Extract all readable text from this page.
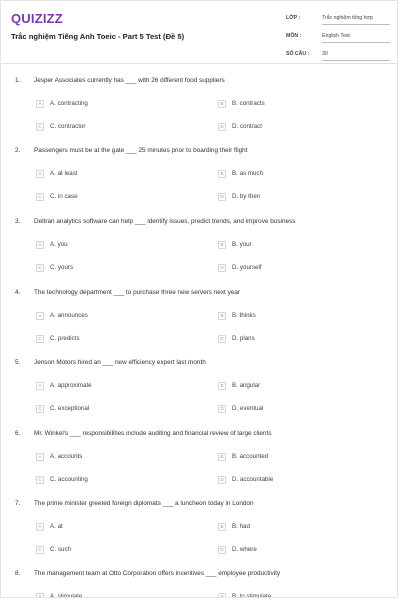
QUIZIZZ
Trắc nghiệm Tiếng Anh Toeic - Part 5 Test (Đề 5)
LỚP :	Trắc nghiệm tổng hợp
MÔN :	English Test
SỐ CÂU :	30
1. Jesper Associates currently has ___ with 26 different food suppliers
A	A. contracting	B	B. contracts
C	C. contractor	D	D. contract
2. Passengers must be at the gate ___ 25 minutes prior to boarding their flight
A	A. at least	B	B. as much
C	C. in case	D	D. by then
3. Deltran analytics software can help ___ identify issues, predict trends, and improve business
A	A. you	B	B. your
C	C. yours	D	D. yourself
4. The technology department ___ to purchase three new servers next year
A	A. announces	B	B. thinks
C	C. predicts	D	D. plans
5. Jenson Motors hired an ___ new efficiency expert last month
A	A. approximate	B	B. angular
C	C. exceptional	D	D. eventual
6. Mr. Winkel's ___ responsibilities include auditing and financial review of large clients
A	A. accounts	B	B. accounted
C	C. accounting	D	D. accountable
7. The prime minister greeted foreign diplomats ___ a luncheon today in London
A	A. at	B	B. had
C	C. such	D	D. where
8. The management team at Otto Corporation offers incentives ___ employee productivity
A	A. stimulate	B	B. to stimulate
